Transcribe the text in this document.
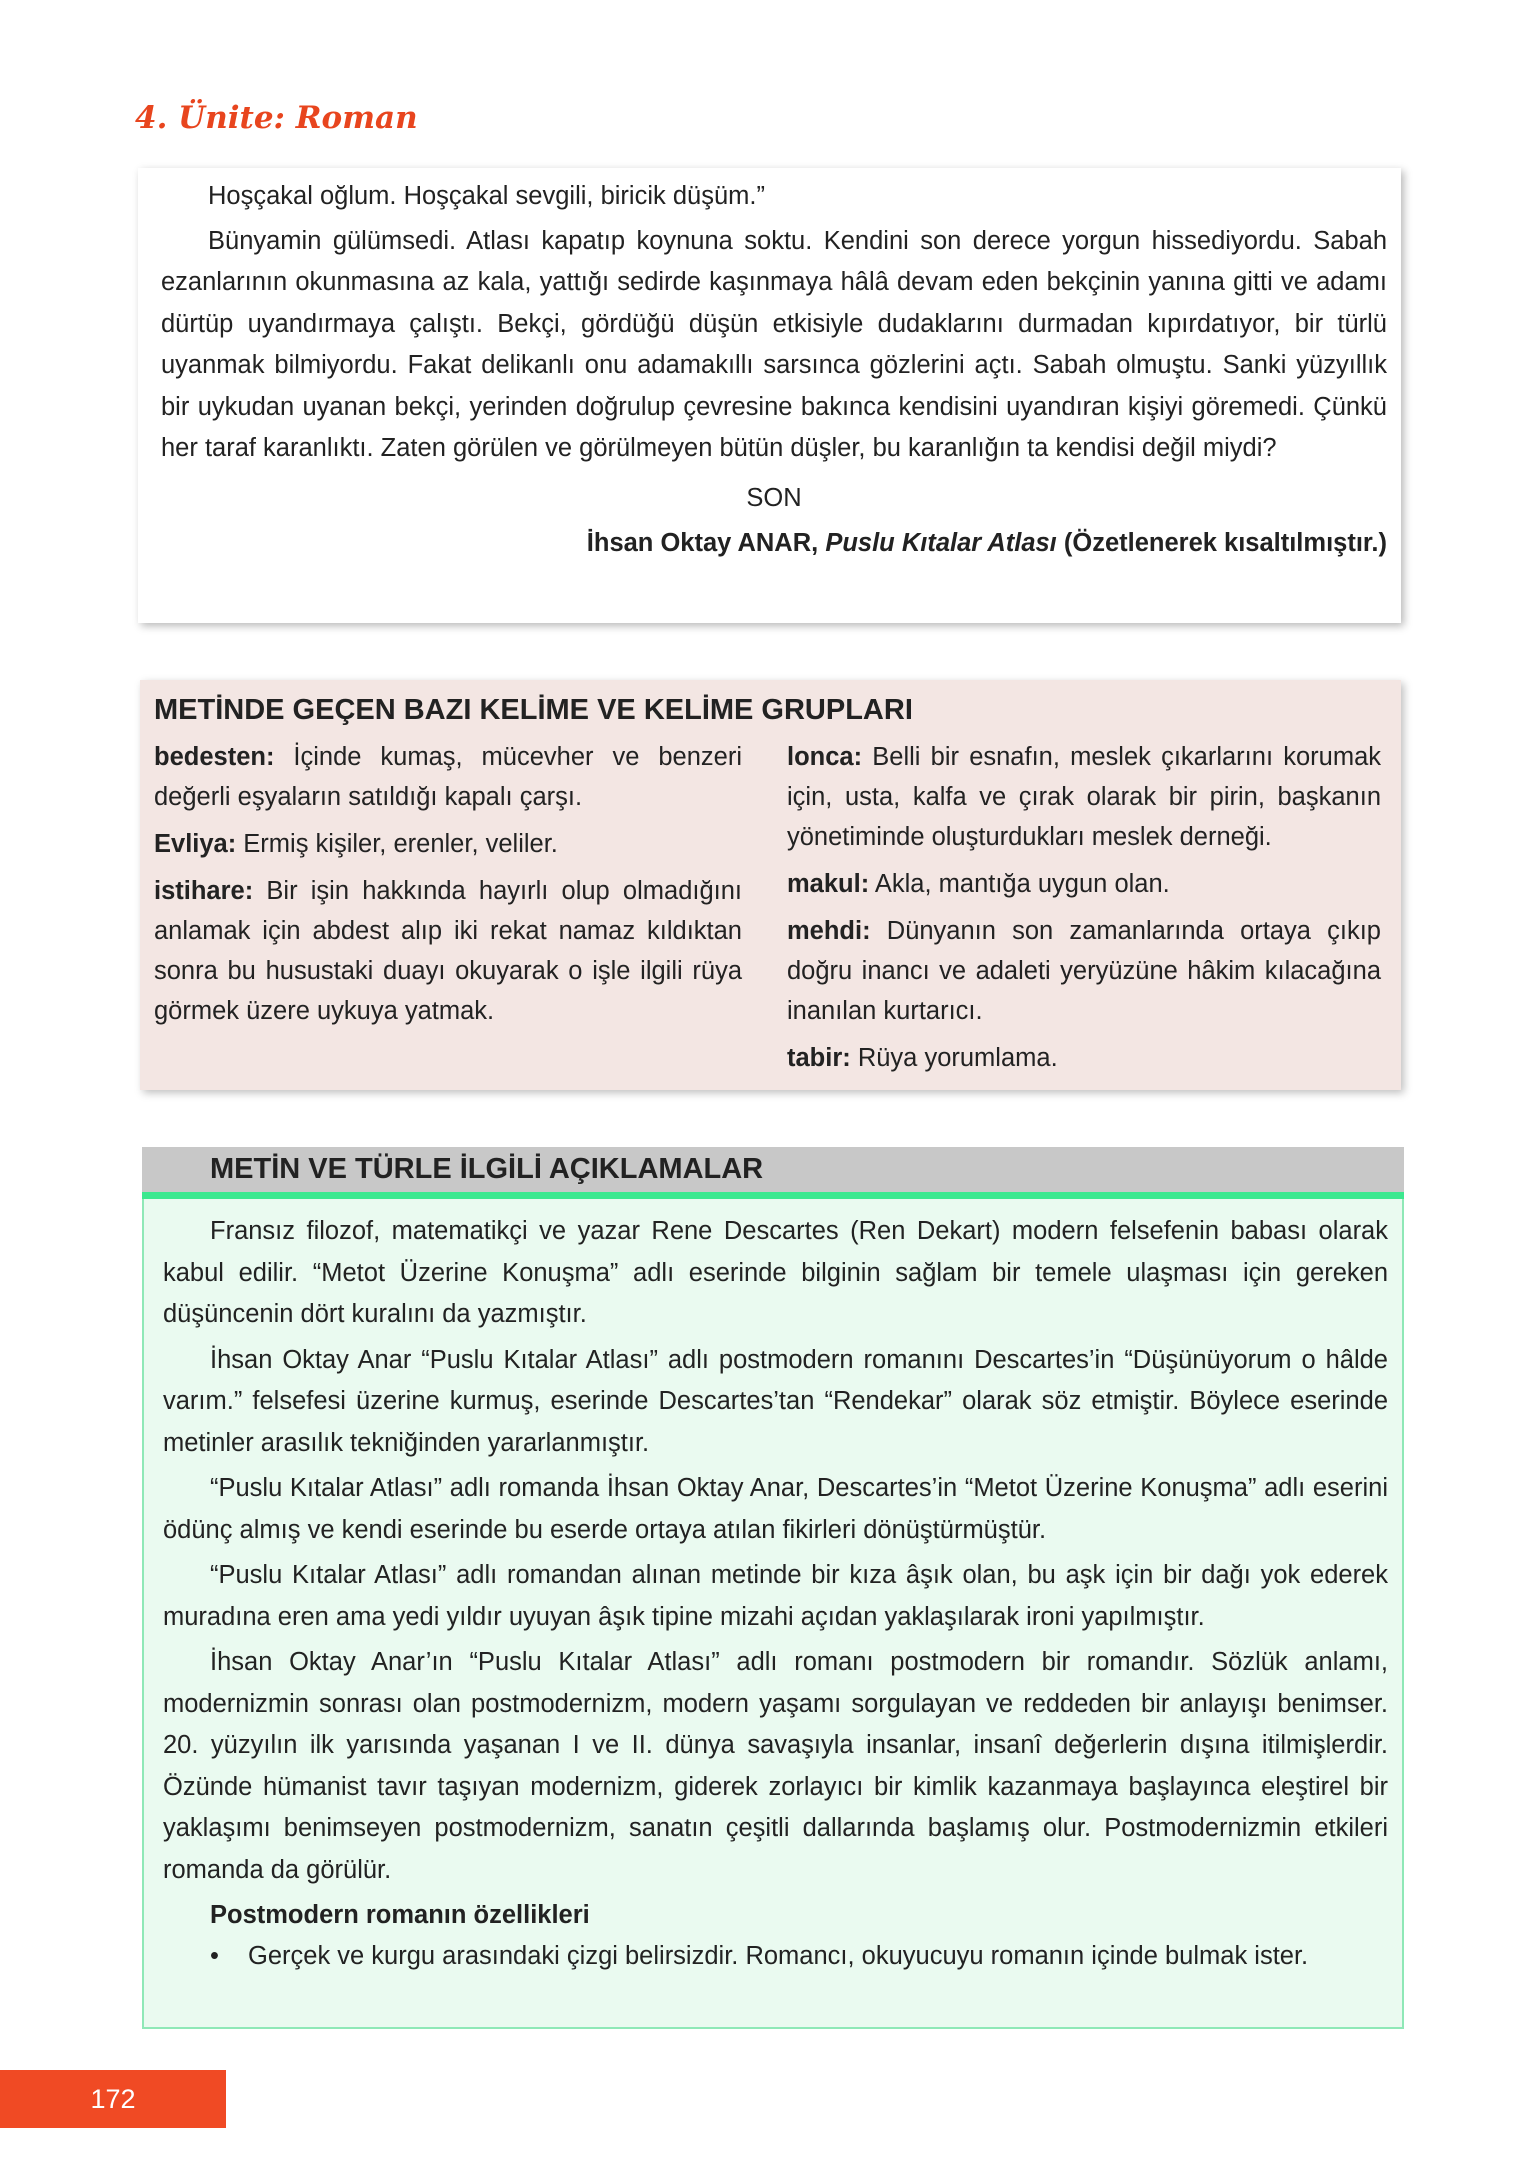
4. Ünite: Roman

Hoşçakal oğlum. Hoşçakal sevgili, biricik düşüm.”

Bünyamin gülümsedi. Atlası kapatıp koynuna soktu. Kendini son derece yorgun hissediyordu. Sabah ezanlarının okunmasına az kala, yattığı sedirde kaşınmaya hâlâ devam eden bekçinin yanına gitti ve adamı dürtüp uyandırmaya çalıştı. Bekçi, gördüğü düşün etkisiyle dudaklarını durmadan kıpırdatıyor, bir türlü uyanmak bilmiyordu. Fakat delikanlı onu adamakıllı sarsınca gözlerini açtı. Sabah olmuştu. Sanki yüzyıllık bir uykudan uyanan bekçi, yerinden doğrulup çevresine bakınca kendisini uyandıran kişiyi göremedi. Çünkü her taraf karanlıktı. Zaten görülen ve görülmeyen bütün düşler, bu karanlığın ta kendisi değil miydi?

SON

İhsan Oktay ANAR, Puslu Kıtalar Atlası (Özetlenerek kısaltılmıştır.)

METİNDE GEÇEN BAZI KELİME VE KELİME GRUPLARI

bedesten: İçinde kumaş, mücevher ve benzeri değerli eşyaların satıldığı kapalı çarşı.

Evliya: Ermiş kişiler, erenler, veliler.

istihare: Bir işin hakkında hayırlı olup olmadığını anlamak için abdest alıp iki rekat namaz kıldıktan sonra bu husustaki duayı okuyarak o işle ilgili rüya görmek üzere uykuya yatmak.

lonca: Belli bir esnafın, meslek çıkarlarını korumak için, usta, kalfa ve çırak olarak bir pirin, başkanın yönetiminde oluşturdukları meslek derneği.

makul: Akla, mantığa uygun olan.

mehdi: Dünyanın son zamanlarında ortaya çıkıp doğru inancı ve adaleti yeryüzüne hâkim kılacağına inanılan kurtarıcı.

tabir: Rüya yorumlama.

METİN VE TÜRLE İLGİLİ AÇIKLAMALAR

Fransız filozof, matematikçi ve yazar Rene Descartes (Ren Dekart) modern felsefenin babası olarak kabul edilir. “Metot Üzerine Konuşma” adlı eserinde bilginin sağlam bir temele ulaşması için gereken düşüncenin dört kuralını da yazmıştır.

İhsan Oktay Anar “Puslu Kıtalar Atlası” adlı postmodern romanını Descartes’in “Düşünüyorum o hâlde varım.” felsefesi üzerine kurmuş, eserinde Descartes’tan “Rendekar” olarak söz etmiştir. Böylece eserinde metinler arasılık tekniğinden yararlanmıştır.

“Puslu Kıtalar Atlası” adlı romanda İhsan Oktay Anar, Descartes’in “Metot Üzerine Konuşma” adlı eserini ödünç almış ve kendi eserinde bu eserde ortaya atılan fikirleri dönüştürmüştür.

“Puslu Kıtalar Atlası” adlı romandan alınan metinde bir kıza âşık olan, bu aşk için bir dağı yok ederek muradına eren ama yedi yıldır uyuyan âşık tipine mizahi açıdan yaklaşılarak ironi yapılmıştır.

İhsan Oktay Anar’ın “Puslu Kıtalar Atlası” adlı romanı postmodern bir romandır. Sözlük anlamı, modernizmin sonrası olan postmodernizm, modern yaşamı sorgulayan ve reddeden bir anlayışı benimser. 20. yüzyılın ilk yarısında yaşanan I ve II. dünya savaşıyla insanlar, insanî değerlerin dışına itilmişlerdir. Özünde hümanist tavır taşıyan modernizm, giderek zorlayıcı bir kimlik kazanmaya başlayınca eleştirel bir yaklaşımı benimseyen postmodernizm, sanatın çeşitli dallarında başlamış olur. Postmodernizmin etkileri romanda da görülür.

Postmodern romanın özellikleri

• Gerçek ve kurgu arasındaki çizgi belirsizdir. Romancı, okuyucuyu romanın içinde bulmak ister.

172
